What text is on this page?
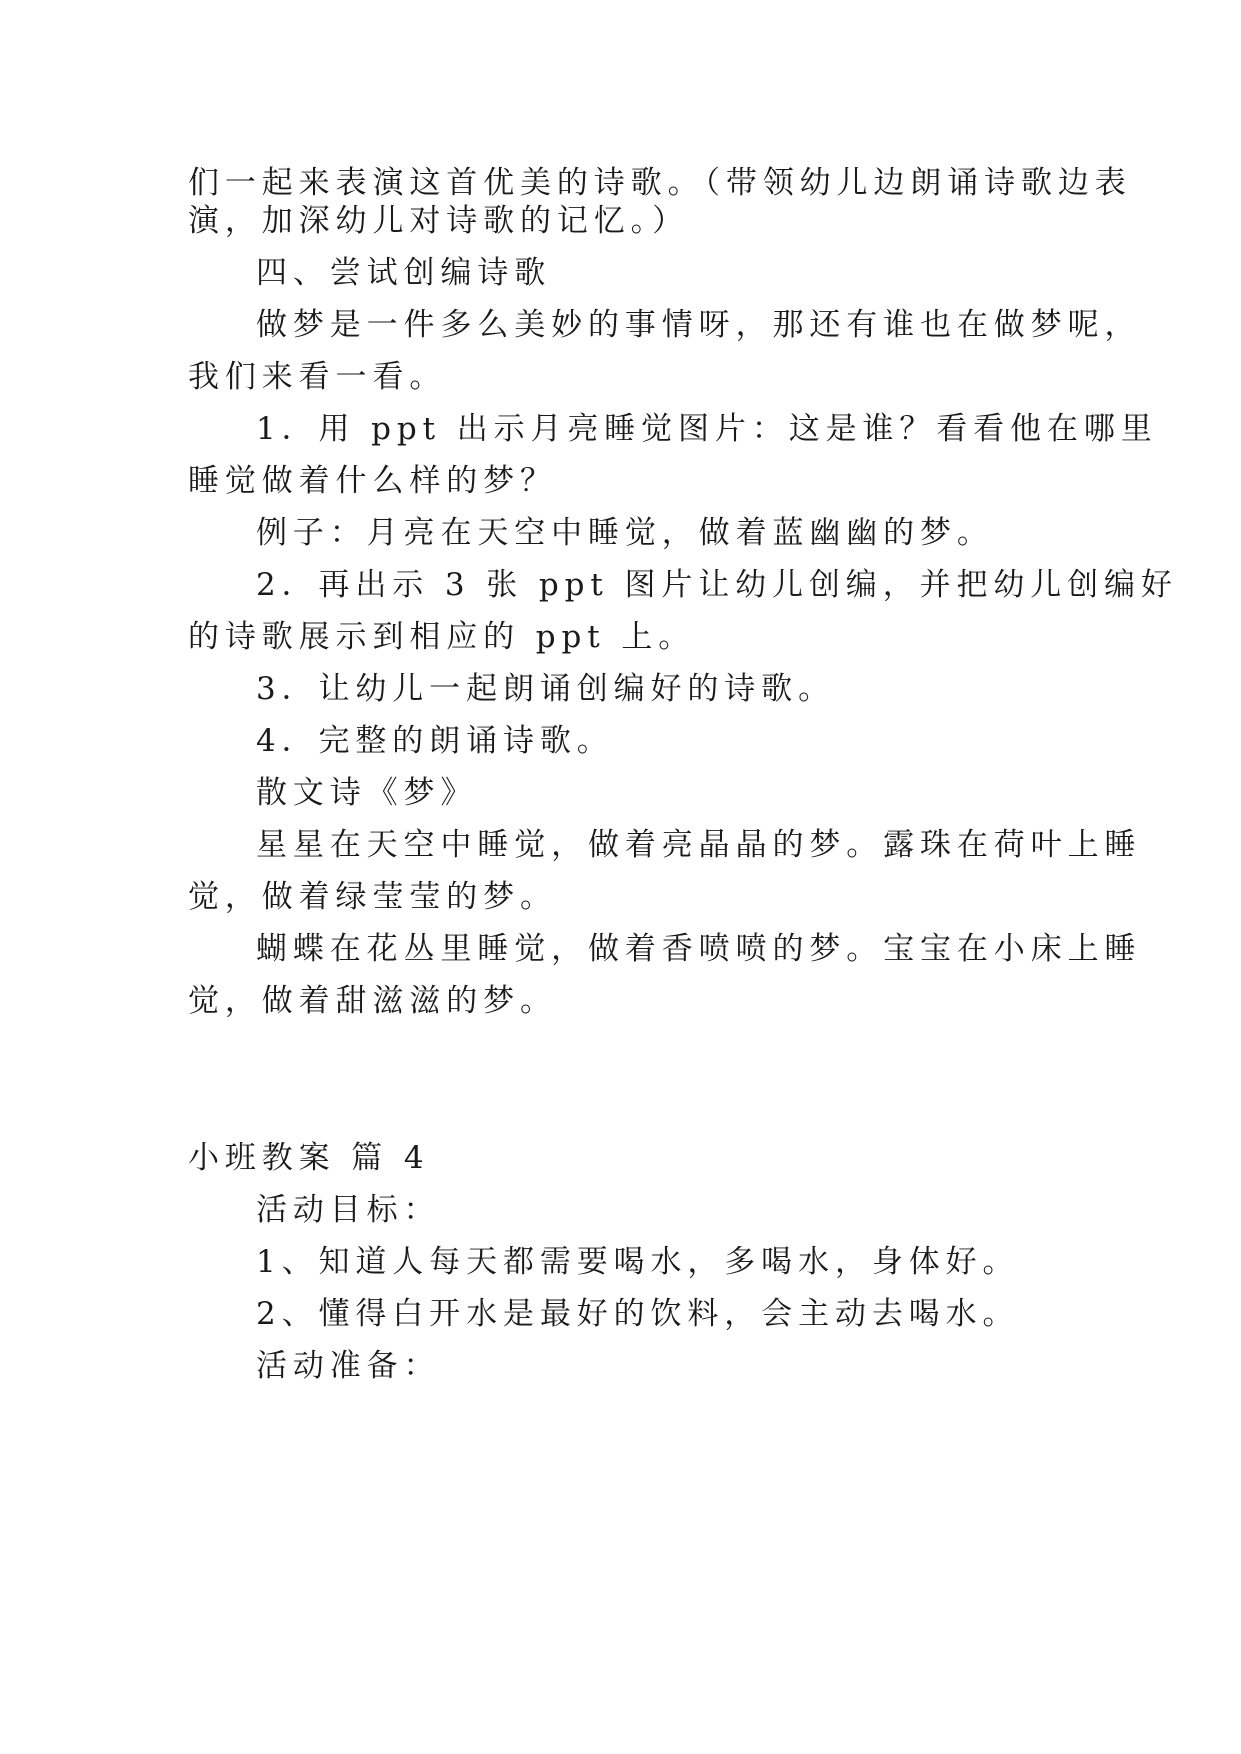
们一起来表演这首优美的诗歌。（带领幼儿边朗诵诗歌边表
演，加深幼儿对诗歌的记忆。）
四、尝试创编诗歌
做梦是一件多么美妙的事情呀，那还有谁也在做梦呢，
我们来看一看。
1．用 ppt 出示月亮睡觉图片：这是谁？看看他在哪里
睡觉做着什么样的梦？
例子：月亮在天空中睡觉，做着蓝幽幽的梦。
2．再出示 3 张 ppt 图片让幼儿创编，并把幼儿创编好
的诗歌展示到相应的 ppt 上。
3．让幼儿一起朗诵创编好的诗歌。
4．完整的朗诵诗歌。
散文诗《梦》
星星在天空中睡觉，做着亮晶晶的梦。露珠在荷叶上睡
觉，做着绿莹莹的梦。
蝴蝶在花丛里睡觉，做着香喷喷的梦。宝宝在小床上睡
觉，做着甜滋滋的梦。
小班教案 篇 4
活动目标：
1、知道人每天都需要喝水，多喝水，身体好。
2、懂得白开水是最好的饮料，会主动去喝水。
活动准备：
